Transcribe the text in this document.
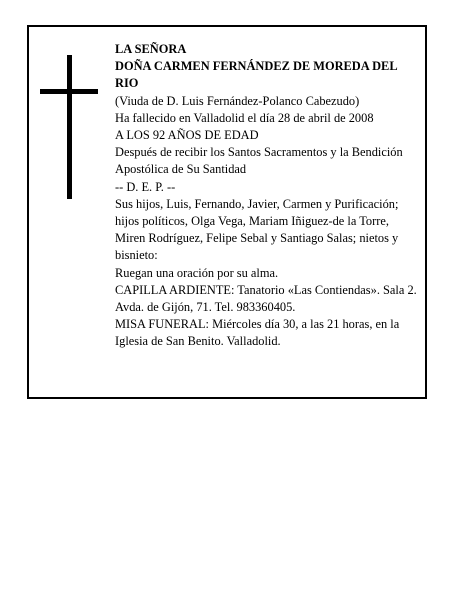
LA SEÑORA

DOÑA CARMEN FERNÁNDEZ DE MOREDA DEL RIO

(Viuda de D. Luis Fernández-Polanco Cabezudo)

Ha fallecido en Valladolid el día 28 de abril de 2008

A LOS 92 AÑOS DE EDAD

Después de recibir los Santos Sacramentos y la Bendición Apostólica de Su Santidad

-- D. E. P. --

Sus hijos, Luis, Fernando, Javier, Carmen y Purificación; hijos políticos, Olga Vega, Mariam Iñiguez-de la Torre, Miren Rodríguez, Felipe Sebal y Santiago Salas; nietos y bisnieto:

Ruegan una oración por su alma.

CAPILLA ARDIENTE: Tanatorio «Las Contiendas». Sala 2. Avda. de Gijón, 71. Tel. 983360405.

MISA FUNERAL: Miércoles día 30, a las 21 horas, en la Iglesia de San Benito. Valladolid.
